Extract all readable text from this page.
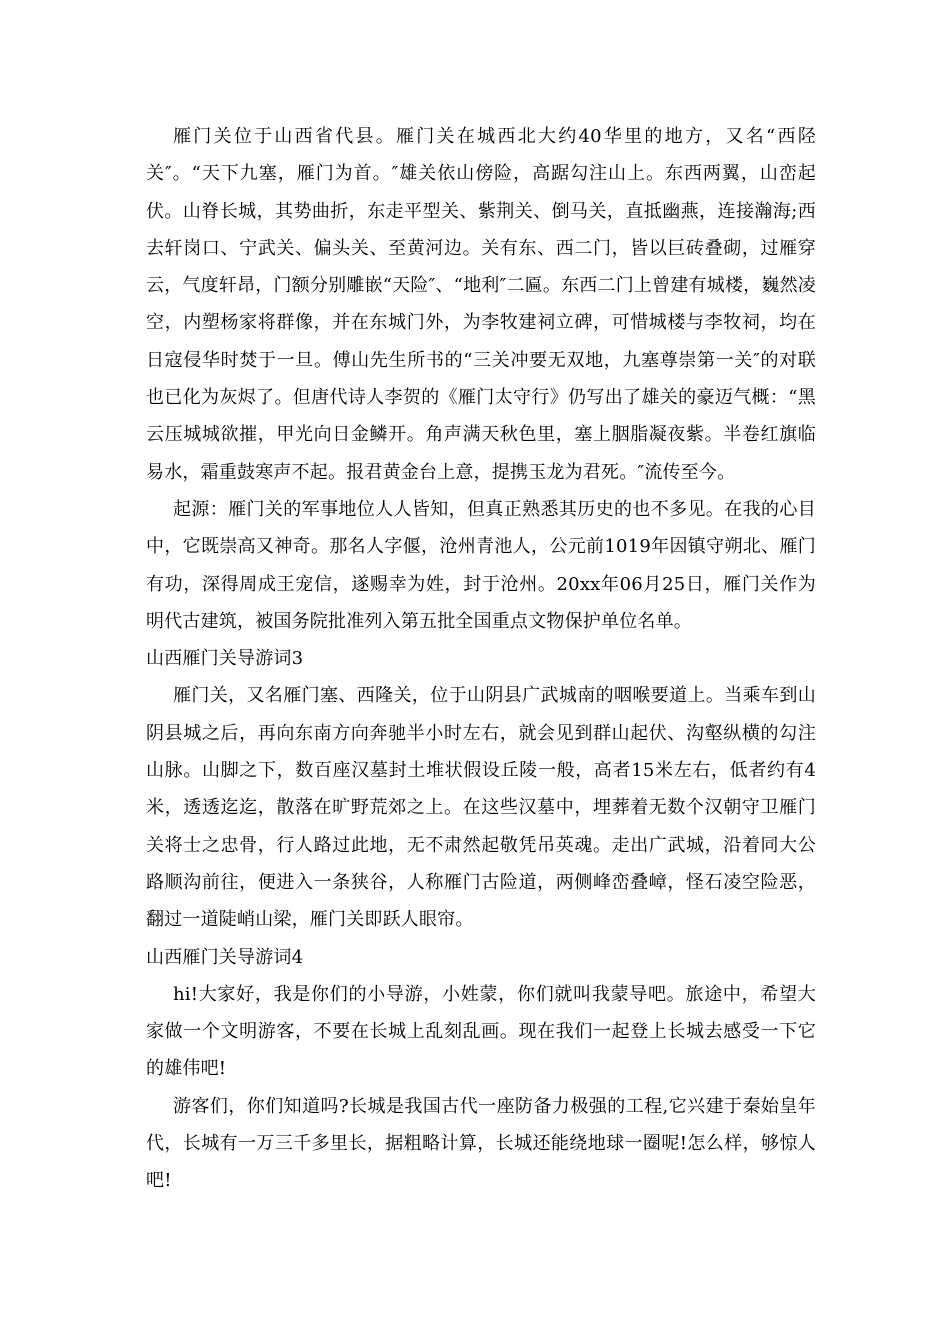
雁门关位于山西省代县。雁门关在城西北大约40华里的地方，又名“西陉关″。“天下九塞，雁门为首。″雄关依山傍险，高踞勾注山上。东西两翼，山峦起伏。山脊长城，其势曲折，东走平型关、紫荆关、倒马关，直抵幽燕，连接瀚海;西去轩岗口、宁武关、偏头关、至黄河边。关有东、西二门，皆以巨砖叠砌，过雁穿云，气度轩昂，门额分别雕嵌“天险″、“地利″二匾。东西二门上曾建有城楼，巍然凌空，内塑杨家将群像，并在东城门外，为李牧建祠立碑，可惜城楼与李牧祠，均在日寇侵华时焚于一旦。傅山先生所书的“三关冲要无双地，九塞尊崇第一关″的对联也已化为灰烬了。但唐代诗人李贺的《雁门太守行》仍写出了雄关的豪迈气概：“黑云压城城欲摧，甲光向日金鳞开。角声满天秋色里，塞上胭脂凝夜紫。半卷红旗临易水，霜重鼓寒声不起。报君黄金台上意，提携玉龙为君死。″流传至今。

起源：雁门关的军事地位人人皆知，但真正熟悉其历史的也不多见。在我的心目中，它既崇高又神奇。那名人字偃，沧州青池人，公元前1019年因镇守朔北、雁门有功，深得周成王宠信，遂赐幸为姓，封于沧州。20xx年06月25日，雁门关作为明代古建筑，被国务院批准列入第五批全国重点文物保护单位名单。

山西雁门关导游词3

雁门关，又名雁门塞、西隆关，位于山阴县广武城南的咽喉要道上。当乘车到山阴县城之后，再向东南方向奔驰半小时左右，就会见到群山起伏、沟壑纵横的勾注山脉。山脚之下，数百座汉墓封土堆状假设丘陵一般，高者15米左右，低者约有4米，透透迄迄，散落在旷野荒郊之上。在这些汉墓中，埋葬着无数个汉朝守卫雁门关将士之忠骨，行人路过此地，无不肃然起敬凭吊英魂。走出广武城，沿着同大公路顺沟前往，便进入一条狭谷，人称雁门古险道，两侧峰峦叠嶂，怪石凌空险恶，翻过一道陡峭山梁，雁门关即跃人眼帘。

山西雁门关导游词4

hi!大家好，我是你们的小导游，小姓蒙，你们就叫我蒙导吧。旅途中，希望大家做一个文明游客，不要在长城上乱刻乱画。现在我们一起登上长城去感受一下它的雄伟吧!

游客们，你们知道吗?长城是我国古代一座防备力极强的工程,它兴建于秦始皇年代，长城有一万三千多里长，据粗略计算，长城还能绕地球一圈呢!怎么样，够惊人吧!
